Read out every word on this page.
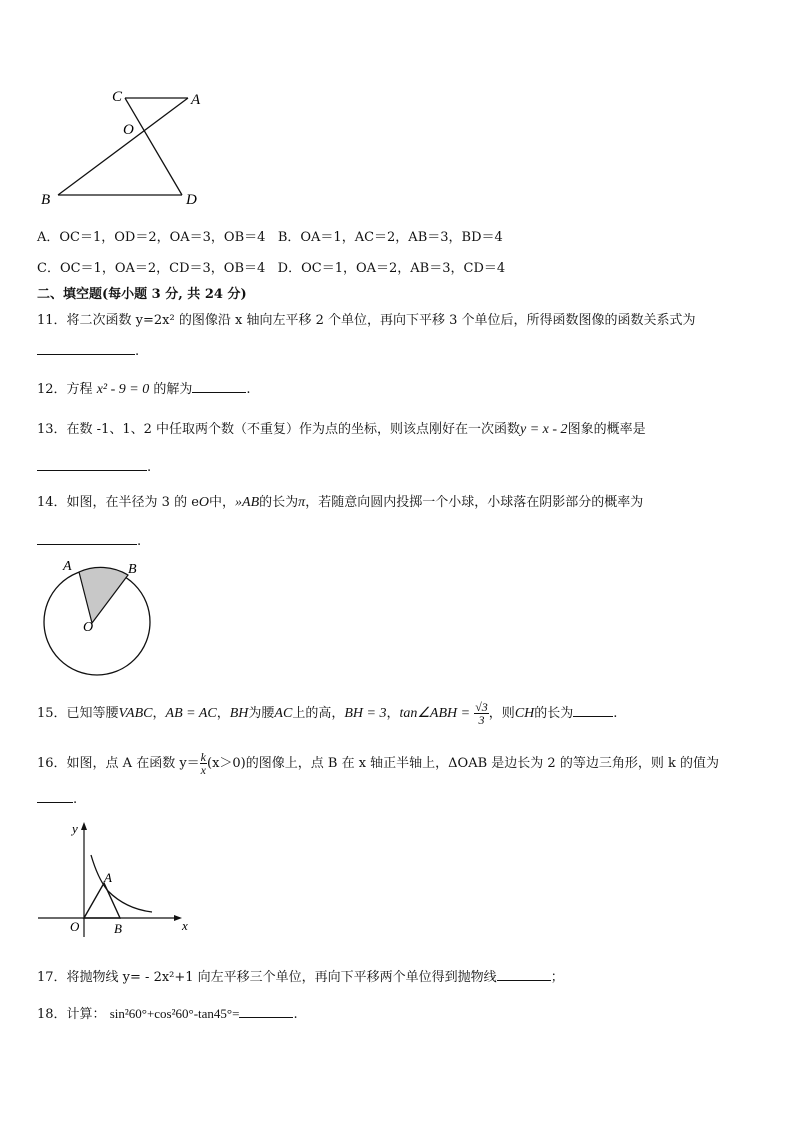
C	A
O
B	D
A．OC＝1，OD＝2，OA＝3，OB＝4 B．OA＝1，AC＝2，AB＝3，BD＝4
C．OC＝1，OA＝2，CD＝3，OB＝4 D．OC＝1，OA＝2，AB＝3，CD＝4
二、填空题(每小题 3 分, 共 24 分)
11．将二次函数 y=2x² 的图像沿 x 轴向左平移 2 个单位，再向下平移 3 个单位后，所得函数图像的函数关系式为
.
12．方程 x² - 9 = 0 的解为	.
13．在数 -1、1、2 中任取两个数（不重复）作为点的坐标，则该点刚好在一次函数y = x - 2图象的概率是
.
14．如图，在半径为 3 的 eO中，»AB的长为π，若随意向圆内投掷一个小球，小球落在阴影部分的概率为
.
A	B
O
15．已知等腰VABC，AB = AC，BH为腰AC上的高，BH = 3，tan∠ABH = $\frac{√3}{3}$ ，则CH的长为	.
16．如图，点 A 在函数 $y= \frac{k}{x} (x>0)$的图像上，点 B 在 x 轴正半轴上，ΔOAB 是边长为 2 的等边三角形，则 k 的值为
.
y
x
O
A
B
17．将抛物线 y= - 2x²+1 向左平移三个单位，再向下平移两个单位得到抛物线	；
18．计算： sin²60°+cos²60°-tan45°=	.
